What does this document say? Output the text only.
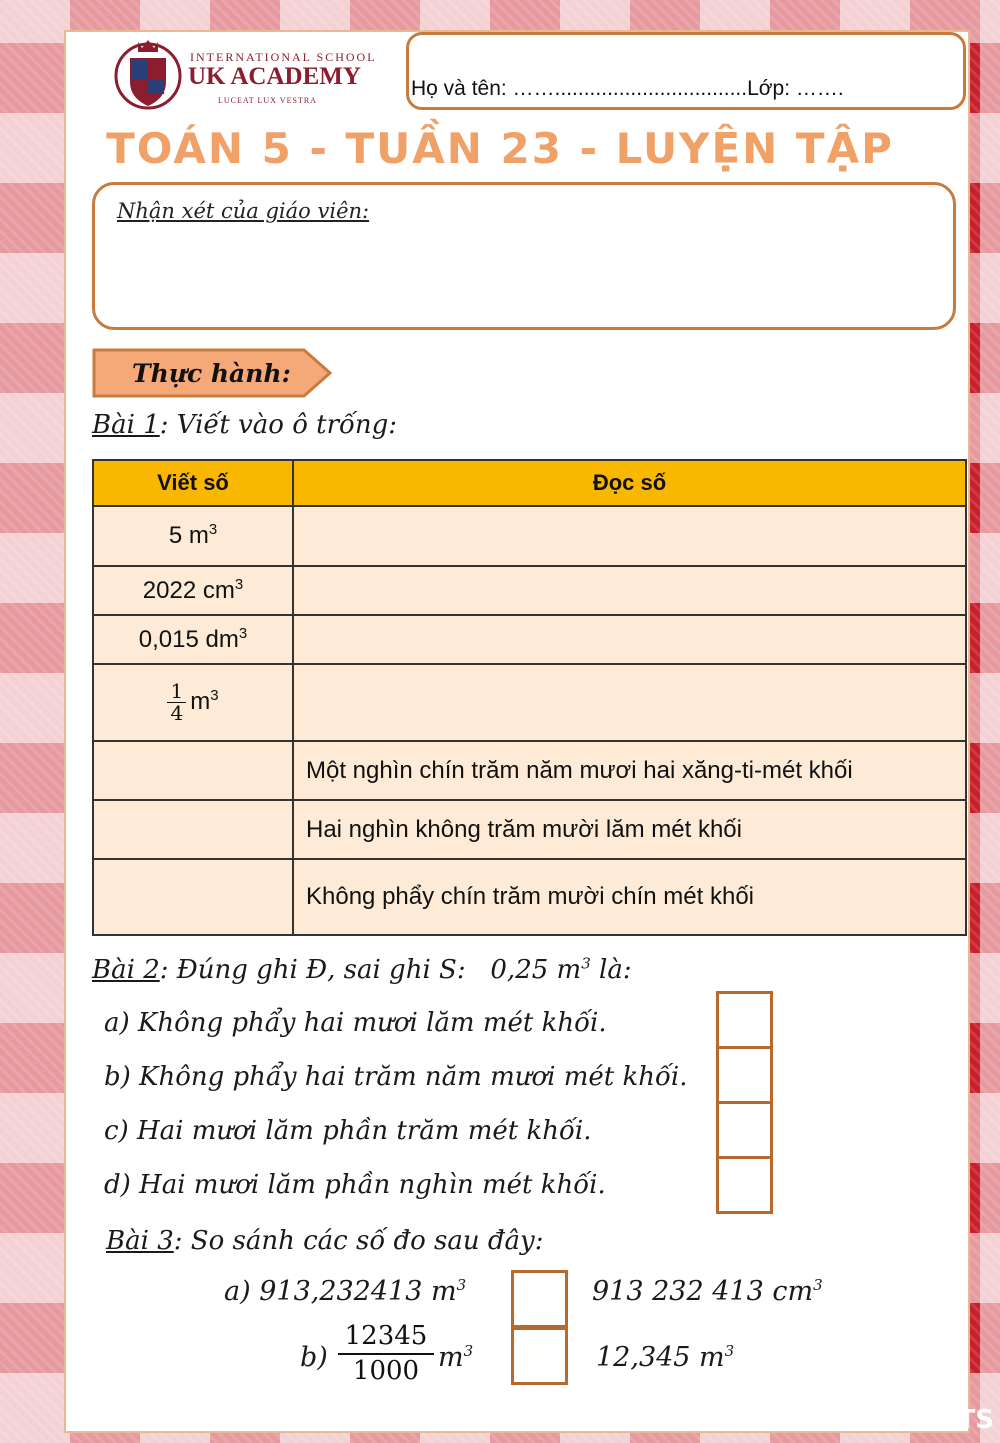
INTERNATIONAL SCHOOL
UK ACADEMY
LUCEAT LUX VESTRA
Họ và tên: …….................................Lớp: …….
TOÁN 5 - TUẦN 23 - LUYỆN TẬP
Nhận xét của giáo viên:
Thực hành:
Bài 1: Viết vào ô trống:
Viết số	Đọc số
5 $m^3$	
2022 $cm^3$	
0,015 $dm^3$	

$\frac{1}{4} m^3$	
	Một nghìn chín trăm năm mươi hai xăng-ti-mét khối
	Hai nghìn không trăm mười lăm mét khối
	Không phẩy chín trăm mười chín mét khối
Bài 2: Đúng ghi Đ, sai ghi S: 0,25 $m^3$ là:
a) Không phẩy hai mươi lăm mét khối.
b) Không phẩy hai trăm năm mươi mét khối.
c) Hai mươi lăm phần trăm mét khối.
d) Hai mươi lăm phần nghìn mét khối.
Bài 3: So sánh các số đo sau đây:
a) 913,232413 $m^3$	913 232 413 $cm^3$
$b) \frac{12345}{1000} m^3$	12,345 $m^3$
LIVEWORKSHEETS
